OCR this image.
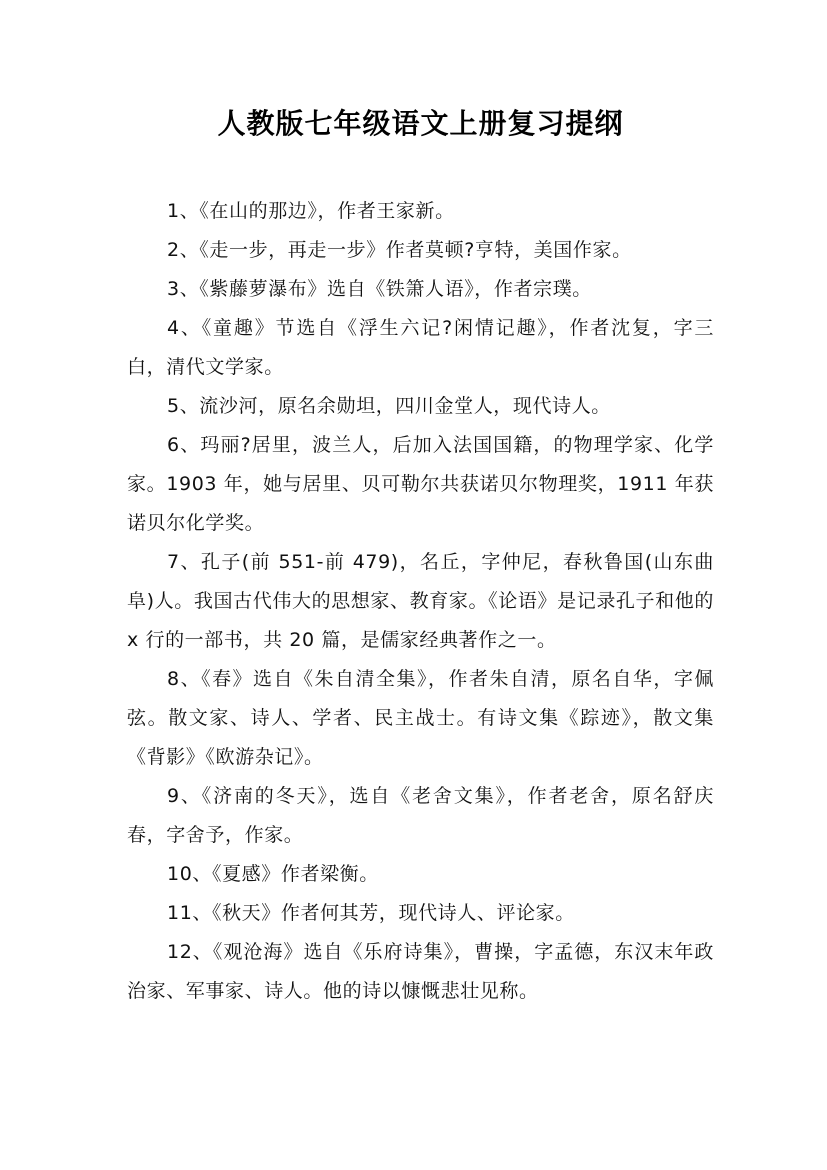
人教版七年级语文上册复习提纲

1、《在山的那边》，作者王家新。

2、《走一步，再走一步》作者莫顿?亨特，美国作家。

3、《紫藤萝瀑布》选自《铁箫人语》，作者宗璞。

4、《童趣》节选自《浮生六记?闲情记趣》，作者沈复，字三白，清代文学家。

5、流沙河，原名余勋坦，四川金堂人，现代诗人。

6、玛丽?居里，波兰人，后加入法国国籍，的物理学家、化学家。1903 年，她与居里、贝可勒尔共获诺贝尔物理奖，1911 年获诺贝尔化学奖。

7、孔子(前 551-前 479)，名丘，字仲尼，春秋鲁国(山东曲阜)人。我国古代伟大的思想家、教育家。《论语》是记录孔子和他的 x 行的一部书，共 20 篇，是儒家经典著作之一。

8、《春》选自《朱自清全集》，作者朱自清，原名自华，字佩弦。散文家、诗人、学者、民主战士。有诗文集《踪迹》，散文集《背影》《欧游杂记》。

9、《济南的冬天》，选自《老舍文集》，作者老舍，原名舒庆春，字舍予，作家。

10、《夏感》作者梁衡。

11、《秋天》作者何其芳，现代诗人、评论家。

12、《观沧海》选自《乐府诗集》，曹操，字孟德，东汉末年政治家、军事家、诗人。他的诗以慷慨悲壮见称。
